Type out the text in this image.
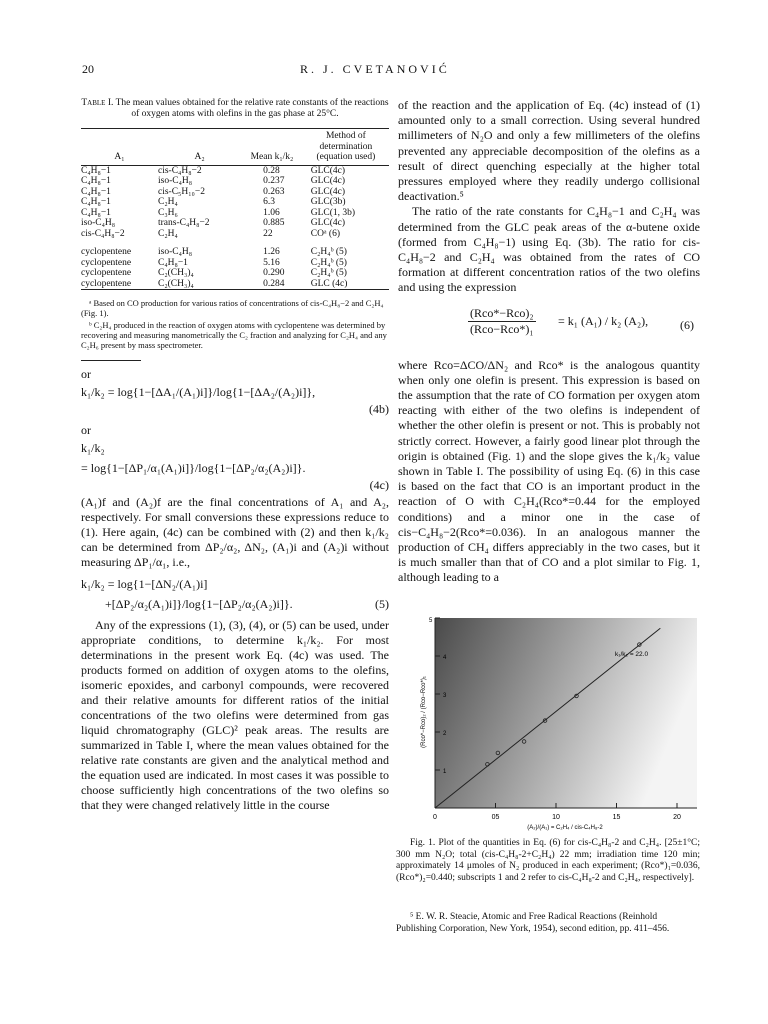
20	R. J. CVETANOVIĆ
Table I. The mean values obtained for the relative rate constants of the reactions of oxygen atoms with olefins in the gas phase at 25°C.
A₁	A₂	Mean k₁/k₂	Method of determination (equation used)
C₄H₈−1	cis-C₄H₈−2	0.28	GLC(4c)
C₄H₈−1	iso-C₄H₈	0.237	GLC(4c)
C₄H₈−1	cis-C₅H₁₀−2	0.263	GLC(4c)
C₄H₈−1	C₂H₄	6.3	GLC(3b)
C₄H₈−1	C₃H₆	1.06	GLC(1, 3b)
iso-C₄H₈	trans-C₄H₈−2	0.885	GLC(4c)
cis-C₄H₈−2	C₂H₄	22	COᵃ (6)

cyclopentene	iso-C₄H₈	1.26	C₂H₄ᵇ (5)
cyclopentene	C₄H₈−1	5.16	C₂H₄ᵇ (5)
cyclopentene	C₂(CH₃)₄	0.290	C₂H₄ᵇ (5)
cyclopentene	C₂(CH₃)₄	0.284	GLC (4c)
ᵃ Based on CO production for various ratios of concentrations of cis-C₄H₈−2 and C₂H₄ (Fig. 1).
ᵇ C₂H₄ produced in the reaction of oxygen atoms with cyclopentene was determined by recovering and measuring manometrically the C₂ fraction and analyzing for C₂H₄ and any C₂H₆ present by mass spectrometer.
or
k₁/k₂ = log{1−[ΔA₁/(A₁)i]}/log{1−[ΔA₂/(A₂)i]},
(4b)
or
k₁/k₂
= log{1−[ΔP₁/α₁(A₁)i]}/log{1−[ΔP₂/α₂(A₂)i]}.
(4c)
(A₁)f and (A₂)f are the final concentrations of A₁ and A₂, respectively. For small conversions these expressions reduce to (1). Here again, (4c) can be combined with (2) and then k₁/k₂ can be determined from ΔP₂/α₂, ΔN₂, (A₁)i and (A₂)i without measuring ΔP₁/α₁, i.e.,
k₁/k₂ = log{1−[ΔN₂/(A₁)i]
+[ΔP₂/α₂(A₁)i]}/log{1−[ΔP₂/α₂(A₂)i]}.	(5)
Any of the expressions (1), (3), (4), or (5) can be used, under appropriate conditions, to determine k₁/k₂. For most determinations in the present work Eq. (4c) was used. The products formed on addition of oxygen atoms to the olefins, isomeric epoxides, and carbonyl compounds, were recovered and their relative amounts for different ratios of the initial concentrations of the two olefins were determined from gas liquid chromatography (GLC)² peak areas. The results are summarized in Table I, where the mean values obtained for the relative rate constants are given and the analytical method and the equation used are indicated. In most cases it was possible to choose sufficiently high concentrations of the two olefins so that they were changed relatively little in the course
of the reaction and the application of Eq. (4c) instead of (1) amounted only to a small correction. Using several hundred millimeters of N₂O and only a few millimeters of the olefins prevented any appreciable decomposition of the olefins as a result of direct quenching especially at the higher total pressures employed where they readily undergo collisional deactivation.⁵
The ratio of the rate constants for C₄H₈−1 and C₂H₄ was determined from the GLC peak areas of the α-butene oxide (formed from C₄H₈−1) using Eq. (3b). The ratio for cis-C₄H₈−2 and C₂H₄ was obtained from the rates of CO formation at different concentration ratios of the two olefins and using the expression
(Rco*−Rco)₂
(Rco−Rco*)₁
= k₁ (A₁) / k₂ (A₂),	(6)
where Rco=ΔCO/ΔN₂ and Rco* is the analogous quantity when only one olefin is present. This expression is based on the assumption that the rate of CO formation per oxygen atom reacting with either of the two olefins is independent of whether the other olefin is present or not. This is probably not strictly correct. However, a fairly good linear plot through the origin is obtained (Fig. 1) and the slope gives the k₁/k₂ value shown in Table I. The possibility of using Eq. (6) in this case is based on the fact that CO is an important product in the reaction of O with C₂H₄(Rco*=0.44 for the employed conditions) and a minor one in the case of cis−C₄H₈−2(Rco*=0.036). In an analogous manner the production of CH₄ differs appreciably in the two cases, but it is much smaller than that of CO and a plot similar to Fig. 1, although leading to a
0	05	10	15	20
1
2
3
4
5
k₁/k₂ = 22.0
(A₂)/(A₁) = C₂H₄ / cis-C₄H₈-2
(Rco*−Rco)₂ / (Rco−Rco*)₁
Fig. 1. Plot of the quantities in Eq. (6) for cis-C₄H₈-2 and C₂H₄. [25±1°C; 300 mm N₂O; total (cis-C₄H₈-2+C₂H₄) 22 mm; irradiation time 120 min; approximately 14 μmoles of N₂ produced in each experiment; (Rco*)₁=0.036, (Rco*)₂=0.440; subscripts 1 and 2 refer to cis-C₄H₈-2 and C₂H₄, respectively].
⁵ E. W. R. Steacie, Atomic and Free Radical Reactions (Reinhold Publishing Corporation, New York, 1954), second edition, pp. 411–456.
